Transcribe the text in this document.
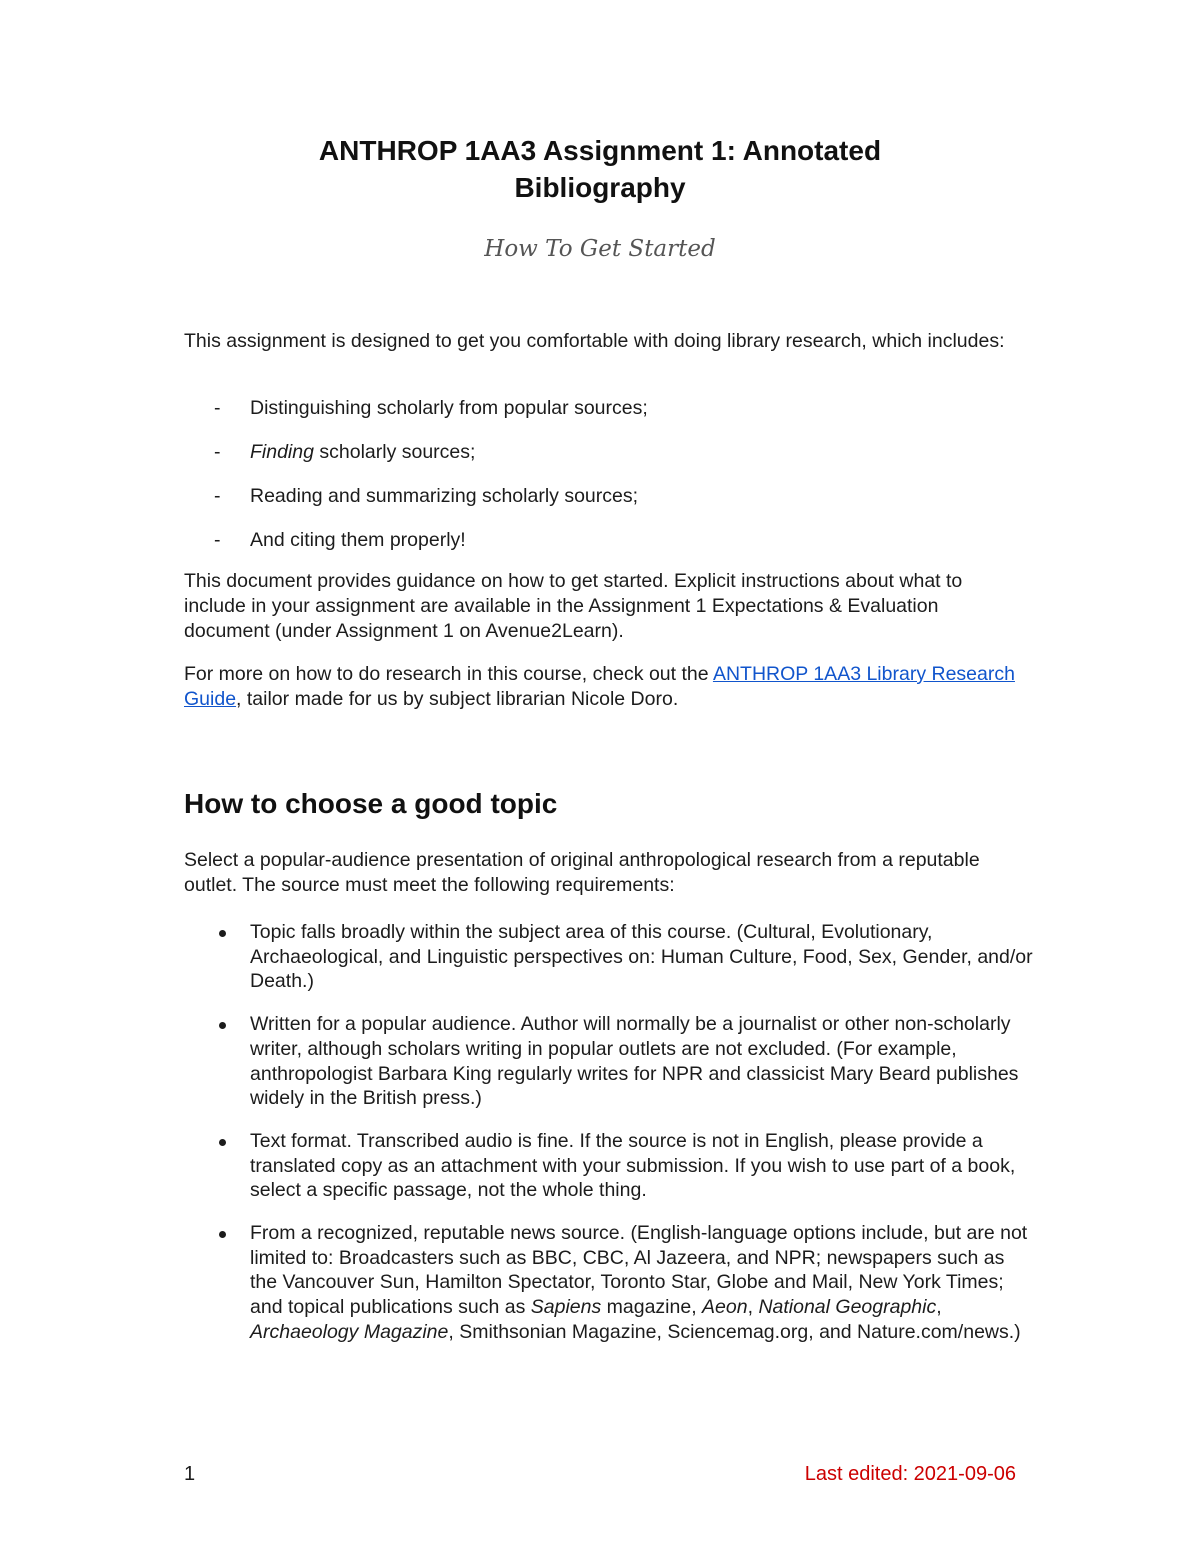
ANTHROP 1AA3 Assignment 1: Annotated
Bibliography
How To Get Started
This assignment is designed to get you comfortable with doing library research, which includes:
- Distinguishing scholarly from popular sources;
- Finding scholarly sources;
- Reading and summarizing scholarly sources;
- And citing them properly!
This document provides guidance on how to get started. Explicit instructions about what to include in your assignment are available in the Assignment 1 Expectations & Evaluation document (under Assignment 1 on Avenue2Learn).
For more on how to do research in this course, check out the ANTHROP 1AA3 Library Research Guide, tailor made for us by subject librarian Nicole Doro.
How to choose a good topic
Select a popular-audience presentation of original anthropological research from a reputable outlet. The source must meet the following requirements:
Topic falls broadly within the subject area of this course. (Cultural, Evolutionary, Archaeological, and Linguistic perspectives on: Human Culture, Food, Sex, Gender, and/or Death.)
Written for a popular audience. Author will normally be a journalist or other non-scholarly writer, although scholars writing in popular outlets are not excluded. (For example, anthropologist Barbara King regularly writes for NPR and classicist Mary Beard publishes widely in the British press.)
Text format. Transcribed audio is fine. If the source is not in English, please provide a translated copy as an attachment with your submission. If you wish to use part of a book, select a specific passage, not the whole thing.
From a recognized, reputable news source. (English-language options include, but are not limited to: Broadcasters such as BBC, CBC, Al Jazeera, and NPR; newspapers such as the Vancouver Sun, Hamilton Spectator, Toronto Star, Globe and Mail, New York Times; and topical publications such as Sapiens magazine, Aeon, National Geographic, Archaeology Magazine, Smithsonian Magazine, Sciencemag.org, and Nature.com/news.)
1	Last edited: 2021-09-06
